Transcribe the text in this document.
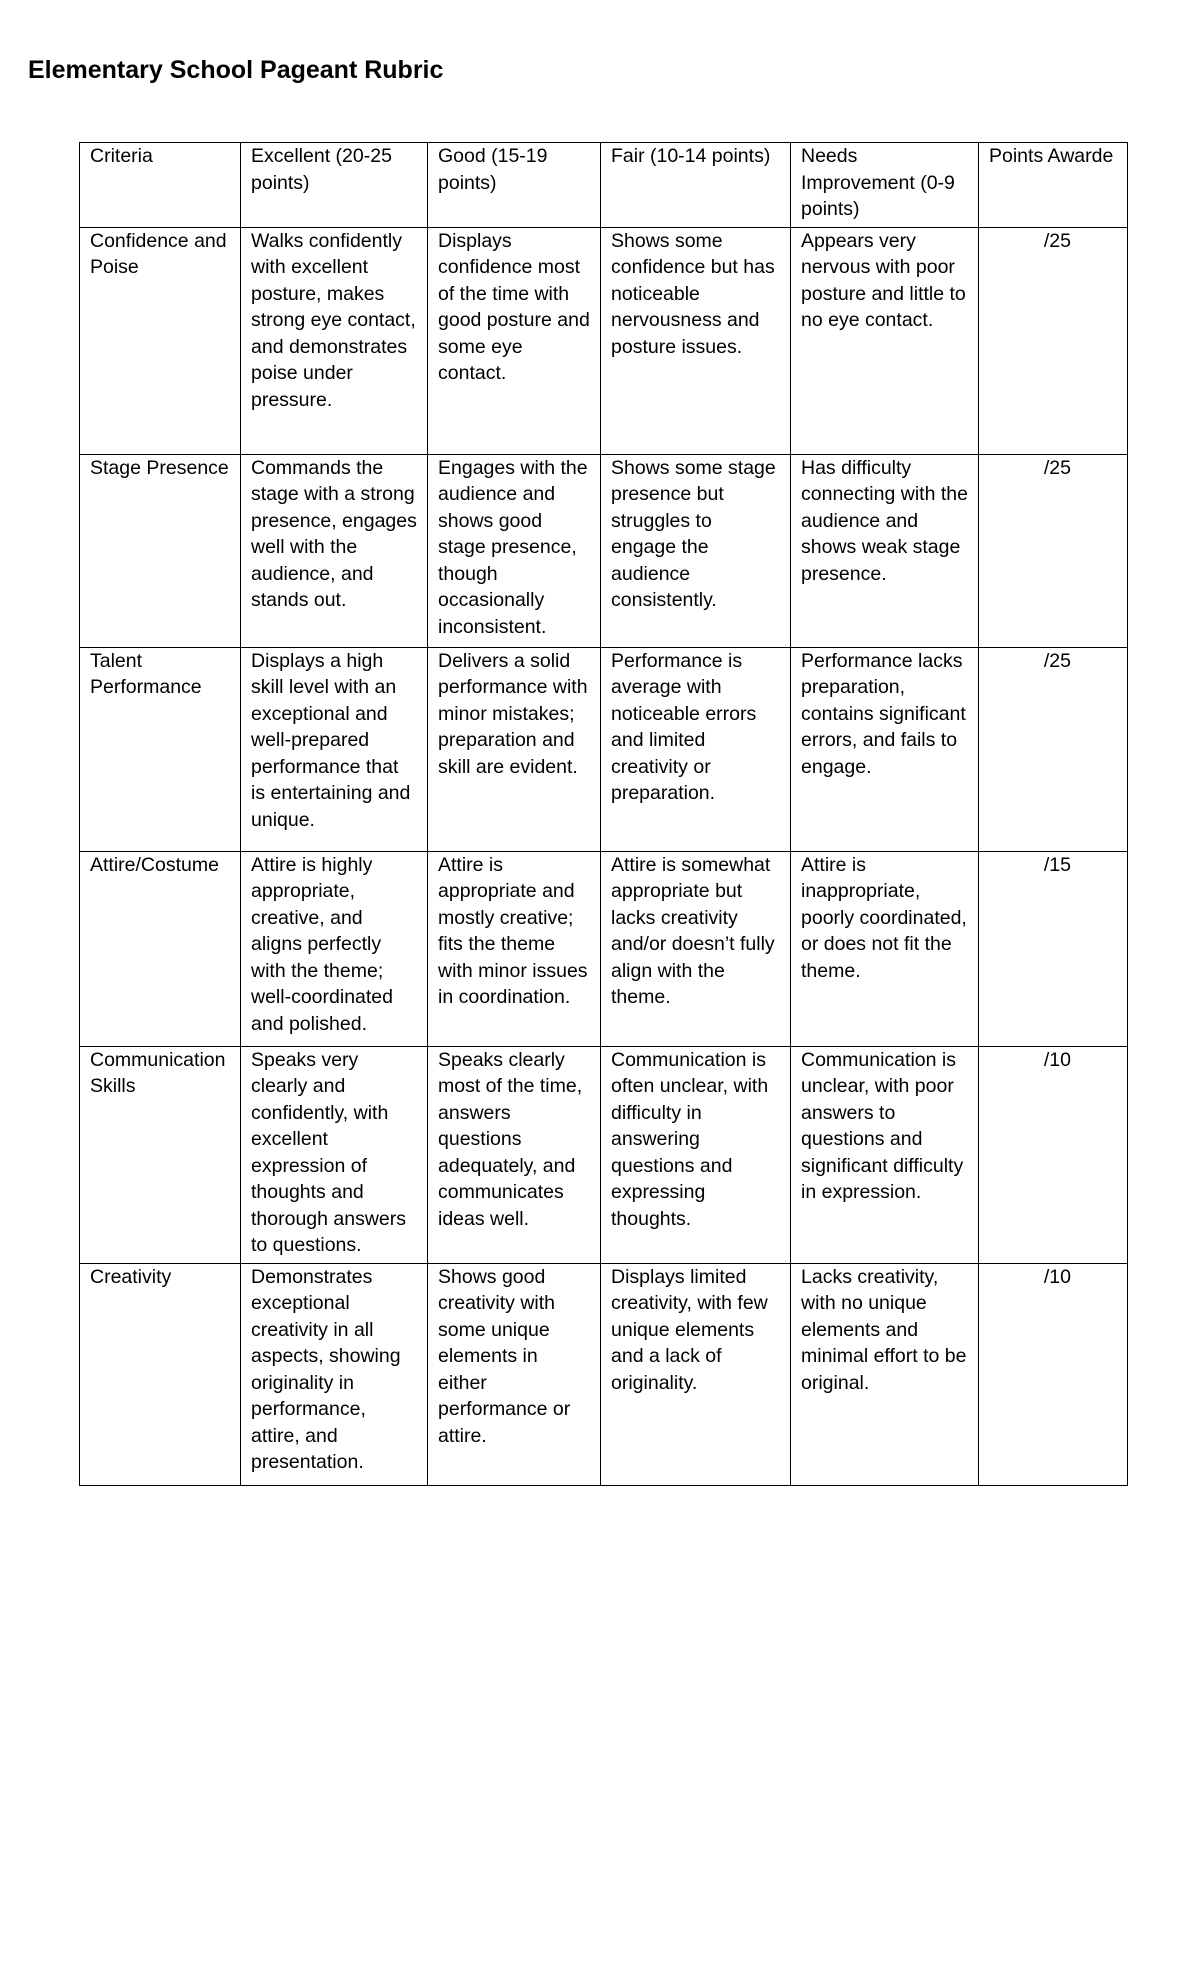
Elementary School Pageant Rubric
Criteria	Excellent (20-25 points)	Good (15-19 points)	Fair (10-14 points)	Needs Improvement (0-9 points)	Points Awarde
Confidence and Poise	Walks confidently with excellent posture, makes strong eye contact, and demonstrates poise under pressure.	Displays confidence most of the time with good posture and some eye contact.	Shows some confidence but has noticeable nervousness and posture issues.	Appears very nervous with poor posture and little to no eye contact.	/25
Stage Presence	Commands the stage with a strong presence, engages well with the audience, and stands out.	Engages with the audience and shows good stage presence, though occasionally inconsistent.	Shows some stage presence but struggles to engage the audience consistently.	Has difficulty connecting with the audience and shows weak stage presence.	/25
Talent Performance	Displays a high skill level with an exceptional and well-prepared performance that is entertaining and unique.	Delivers a solid performance with minor mistakes; preparation and skill are evident.	Performance is average with noticeable errors and limited creativity or preparation.	Performance lacks preparation, contains significant errors, and fails to engage.	/25
Attire/Costume	Attire is highly appropriate, creative, and aligns perfectly with the theme; well-coordinated and polished.	Attire is appropriate and mostly creative; fits the theme with minor issues in coordination.	Attire is somewhat appropriate but lacks creativity and/or doesn’t fully align with the theme.	Attire is inappropriate, poorly coordinated, or does not fit the theme.	/15
Communication Skills	Speaks very clearly and confidently, with excellent expression of thoughts and thorough answers to questions.	Speaks clearly most of the time, answers questions adequately, and communicates ideas well.	Communication is often unclear, with difficulty in answering questions and expressing thoughts.	Communication is unclear, with poor answers to questions and significant difficulty in expression.	/10
Creativity	Demonstrates exceptional creativity in all aspects, showing originality in performance, attire, and presentation.	Shows good creativity with some unique elements in either performance or attire.	Displays limited creativity, with few unique elements and a lack of originality.	Lacks creativity, with no unique elements and minimal effort to be original.	/10
